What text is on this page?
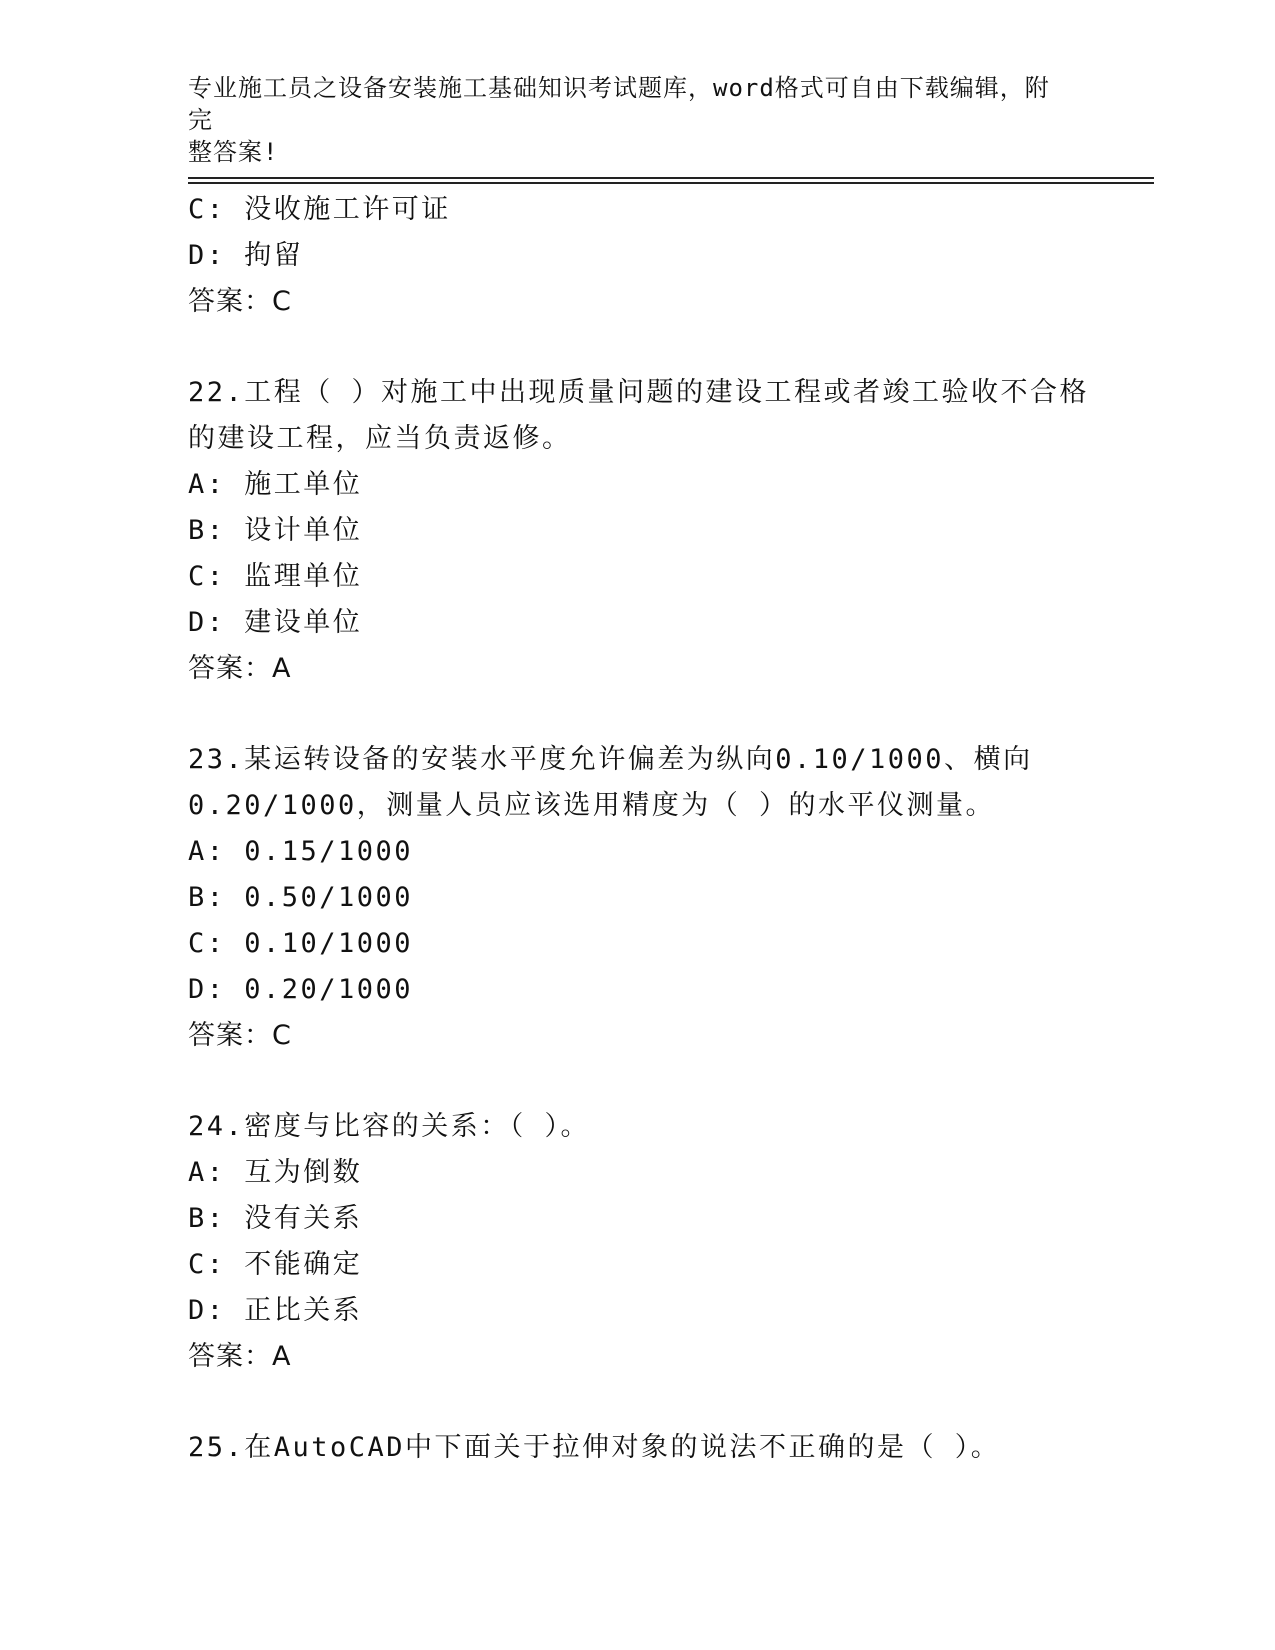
专业施工员之设备安装施工基础知识考试题库，word格式可自由下载编辑，附完
整答案!
C: 没收施工许可证
D: 拘留
答案：C
22.工程（ ）对施工中出现质量问题的建设工程或者竣工验收不合格
的建设工程，应当负责返修。
A: 施工单位
B: 设计单位
C: 监理单位
D: 建设单位
答案：A
23.某运转设备的安装水平度允许偏差为纵向0.10/1000、横向
0.20/1000，测量人员应该选用精度为（ ）的水平仪测量。
A: 0.15/1000
B: 0.50/1000
C: 0.10/1000
D: 0.20/1000
答案：C
24.密度与比容的关系：（ ）。
A: 互为倒数
B: 没有关系
C: 不能确定
D: 正比关系
答案：A
25.在AutoCAD中下面关于拉伸对象的说法不正确的是（ ）。
